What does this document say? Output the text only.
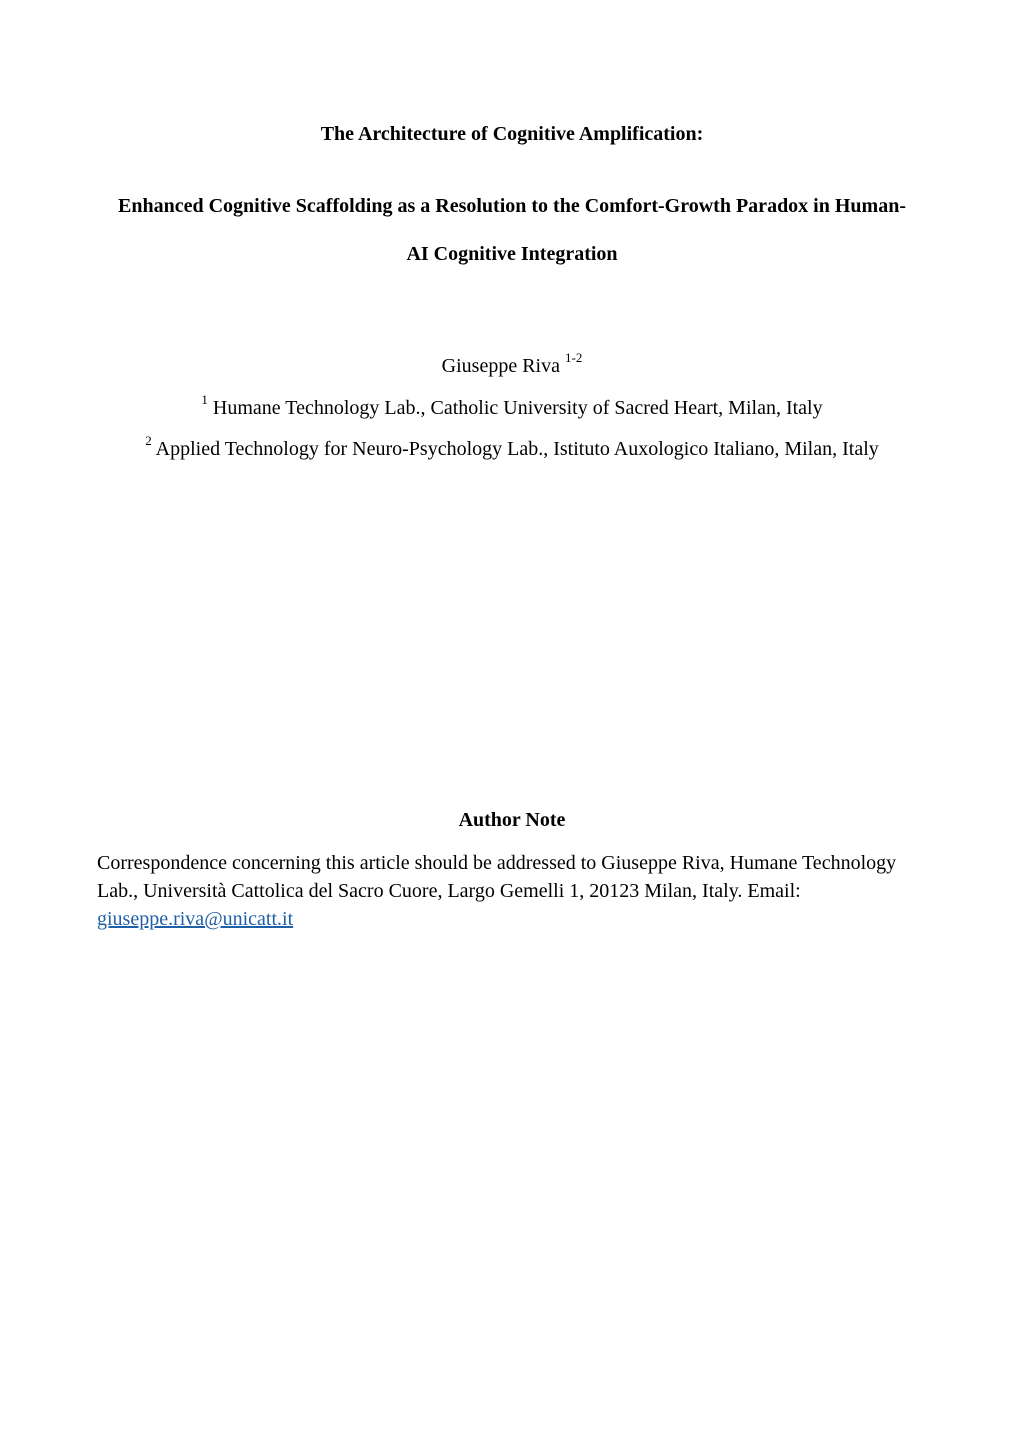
The Architecture of Cognitive Amplification:
Enhanced Cognitive Scaffolding as a Resolution to the Comfort-Growth Paradox in Human-
AI Cognitive Integration
Giuseppe Riva $^{1-2}$
$^1$ Humane Technology Lab., Catholic University of Sacred Heart, Milan, Italy
$^2$ Applied Technology for Neuro-Psychology Lab., Istituto Auxologico Italiano, Milan, Italy
Author Note
Correspondence concerning this article should be addressed to Giuseppe Riva, Humane Technology
Lab., Università Cattolica del Sacro Cuore, Largo Gemelli 1, 20123 Milan, Italy. Email:
giuseppe.riva@unicatt.it
